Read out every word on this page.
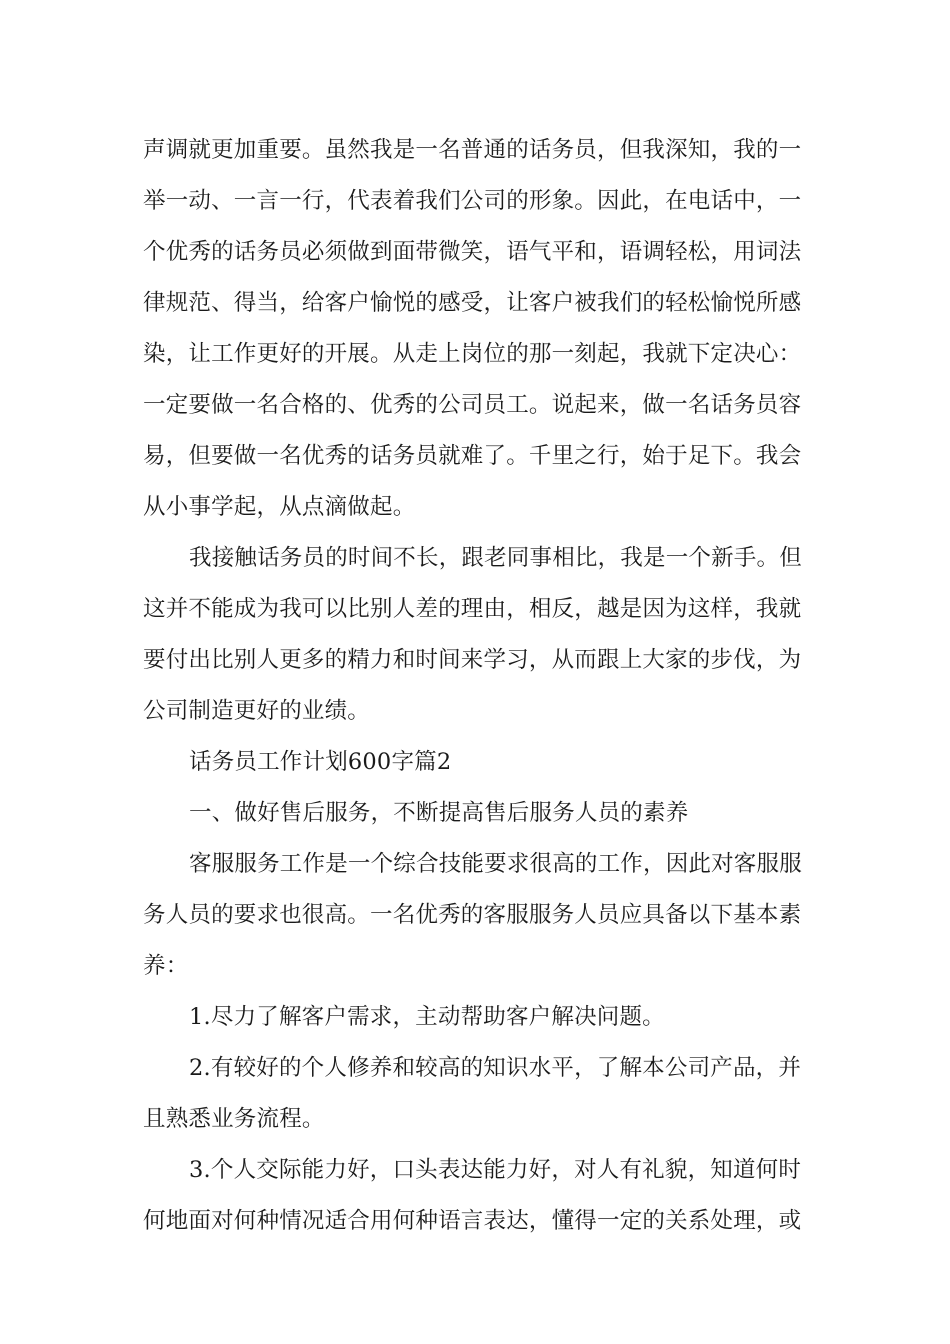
声调就更加重要。虽然我是一名普通的话务员，但我深知，我的一
举一动、一言一行，代表着我们公司的形象。因此，在电话中，一
个优秀的话务员必须做到面带微笑，语气平和，语调轻松，用词法
律规范、得当，给客户愉悦的感受，让客户被我们的轻松愉悦所感
染，让工作更好的开展。从走上岗位的那一刻起，我就下定决心：
一定要做一名合格的、优秀的公司员工。说起来，做一名话务员容
易，但要做一名优秀的话务员就难了。千里之行，始于足下。我会
从小事学起，从点滴做起。
我接触话务员的时间不长，跟老同事相比，我是一个新手。但
这并不能成为我可以比别人差的理由，相反，越是因为这样，我就
要付出比别人更多的精力和时间来学习，从而跟上大家的步伐，为
公司制造更好的业绩。
话务员工作计划600字篇2
一、做好售后服务，不断提高售后服务人员的素养
客服服务工作是一个综合技能要求很高的工作，因此对客服服
务人员的要求也很高。一名优秀的客服服务人员应具备以下基本素
养：
1.尽力了解客户需求，主动帮助客户解决问题。
2.有较好的个人修养和较高的知识水平，了解本公司产品，并
且熟悉业务流程。
3.个人交际能力好，口头表达能力好，对人有礼貌，知道何时
何地面对何种情况适合用何种语言表达，懂得一定的关系处理，或
